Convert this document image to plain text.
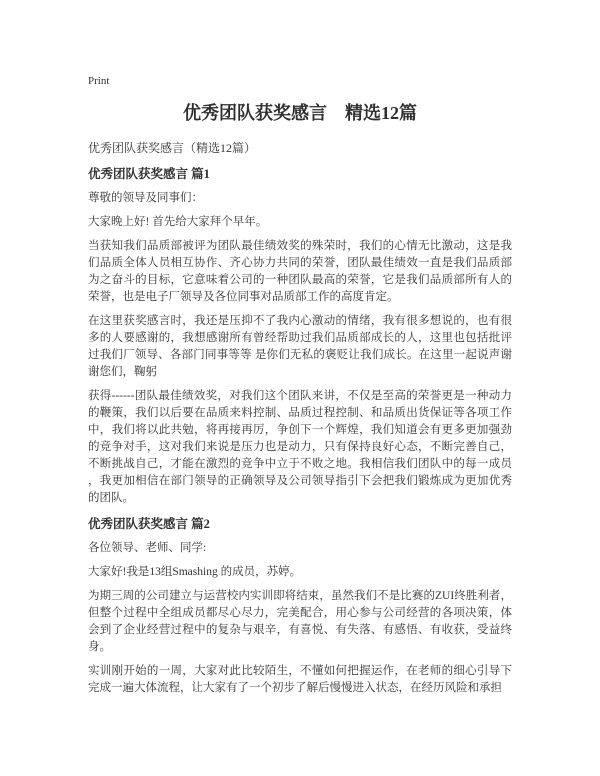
Print
优秀团队获奖感言　精选12篇
优秀团队获奖感言（精选12篇）
优秀团队获奖感言 篇1

尊敬的领导及同事们：

大家晚上好! 首先给大家拜个早年。

当获知我们品质部被评为团队最佳绩效奖的殊荣时，我们的心情无比激动，这是我们品质全体人员相互协作、齐心协力共同的荣誉，团队最佳绩效一直是我们品质部为之奋斗的目标，它意味着公司的一种团队最高的荣誉，它是我们品质部所有人的荣誉，也是电子厂领导及各位同事对品质部工作的高度肯定。

在这里获奖感言时，我还是压抑不了我内心激动的情绪，我有很多想说的，也有很多的人要感谢的，我想感谢所有曾经帮助过我们品质部成长的人，这里也包括批评过我们厂领导、各部门同事等等 是你们无私的褒贬让我们成长。在这里一起说声谢谢您们，鞠躬

获得------团队最佳绩效奖，对我们这个团队来讲，不仅是至高的荣誉更是一种动力的鞭策，我们以后要在品质来料控制、品质过程控制、和品质出货保证等各项工作中，我们将以此共勉，将再接再厉，争创下一个辉煌，我们知道会有更多更加强劲的竞争对手，这对我们来说是压力也是动力，只有保持良好心态，不断完善自己，不断挑战自己，才能在激烈的竞争中立于不败之地。我相信我们团队中的每一成员，我更加相信在部门领导的正确领导及公司领导指引下会把我们锻炼成为更加优秀的团队。

优秀团队获奖感言 篇2

各位领导、老师、同学:

大家好!我是13组Smashing 的成员，苏婷。

为期三周的公司建立与运营校内实训即将结束，虽然我们不是比赛的ZUI终胜利者，但整个过程中全组成员都尽心尽力，完美配合，用心参与公司经营的各项决策，体会到了企业经营过程中的复杂与艰辛，有喜悦、有失落、有感悟、有收获，受益终身。

实训刚开始的一周，大家对此比较陌生，不懂如何把握运作，在老师的细心引导下完成一遍大体流程，让大家有了一个初步了解后慢慢进入状态，在经历风险和承担
